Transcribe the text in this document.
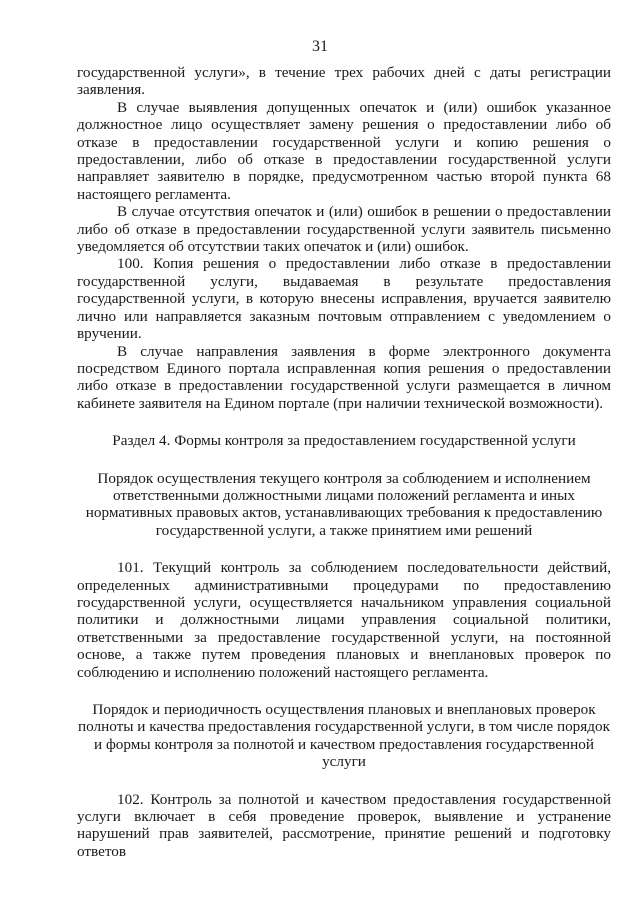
31

государственной услуги», в течение трех рабочих дней с даты регистрации заявления.

В случае выявления допущенных опечаток и (или) ошибок указанное должностное лицо осуществляет замену решения о предоставлении либо об отказе в предоставлении государственной услуги и копию решения о предоставлении, либо об отказе в предоставлении государственной услуги направляет заявителю в порядке, предусмотренном частью второй пункта 68 настоящего регламента.

В случае отсутствия опечаток и (или) ошибок в решении о предоставлении либо об отказе в предоставлении государственной услуги заявитель письменно уведомляется об отсутствии таких опечаток и (или) ошибок.

100. Копия решения о предоставлении либо отказе в предоставлении государственной услуги, выдаваемая в результате предоставления государственной услуги, в которую внесены исправления, вручается заявителю лично или направляется заказным почтовым отправлением с уведомлением о вручении.

В случае направления заявления в форме электронного документа посредством Единого портала исправленная копия решения о предоставлении либо отказе в предоставлении государственной услуги размещается в личном кабинете заявителя на Едином портале (при наличии технической возможности).

Раздел 4. Формы контроля за предоставлением государственной услуги

Порядок осуществления текущего контроля за соблюдением и исполнением ответственными должностными лицами положений регламента и иных нормативных правовых актов, устанавливающих требования к предоставлению государственной услуги, а также принятием ими решений

101. Текущий контроль за соблюдением последовательности действий, определенных административными процедурами по предоставлению государственной услуги, осуществляется начальником управления социальной политики и должностными лицами управления социальной политики, ответственными за предоставление государственной услуги, на постоянной основе, а также путем проведения плановых и внеплановых проверок по соблюдению и исполнению положений настоящего регламента.

Порядок и периодичность осуществления плановых и внеплановых проверок полноты и качества предоставления государственной услуги, в том числе порядок и формы контроля за полнотой и качеством предоставления государственной услуги

102. Контроль за полнотой и качеством предоставления государственной услуги включает в себя проведение проверок, выявление и устранение нарушений прав заявителей, рассмотрение, принятие решений и подготовку ответов
